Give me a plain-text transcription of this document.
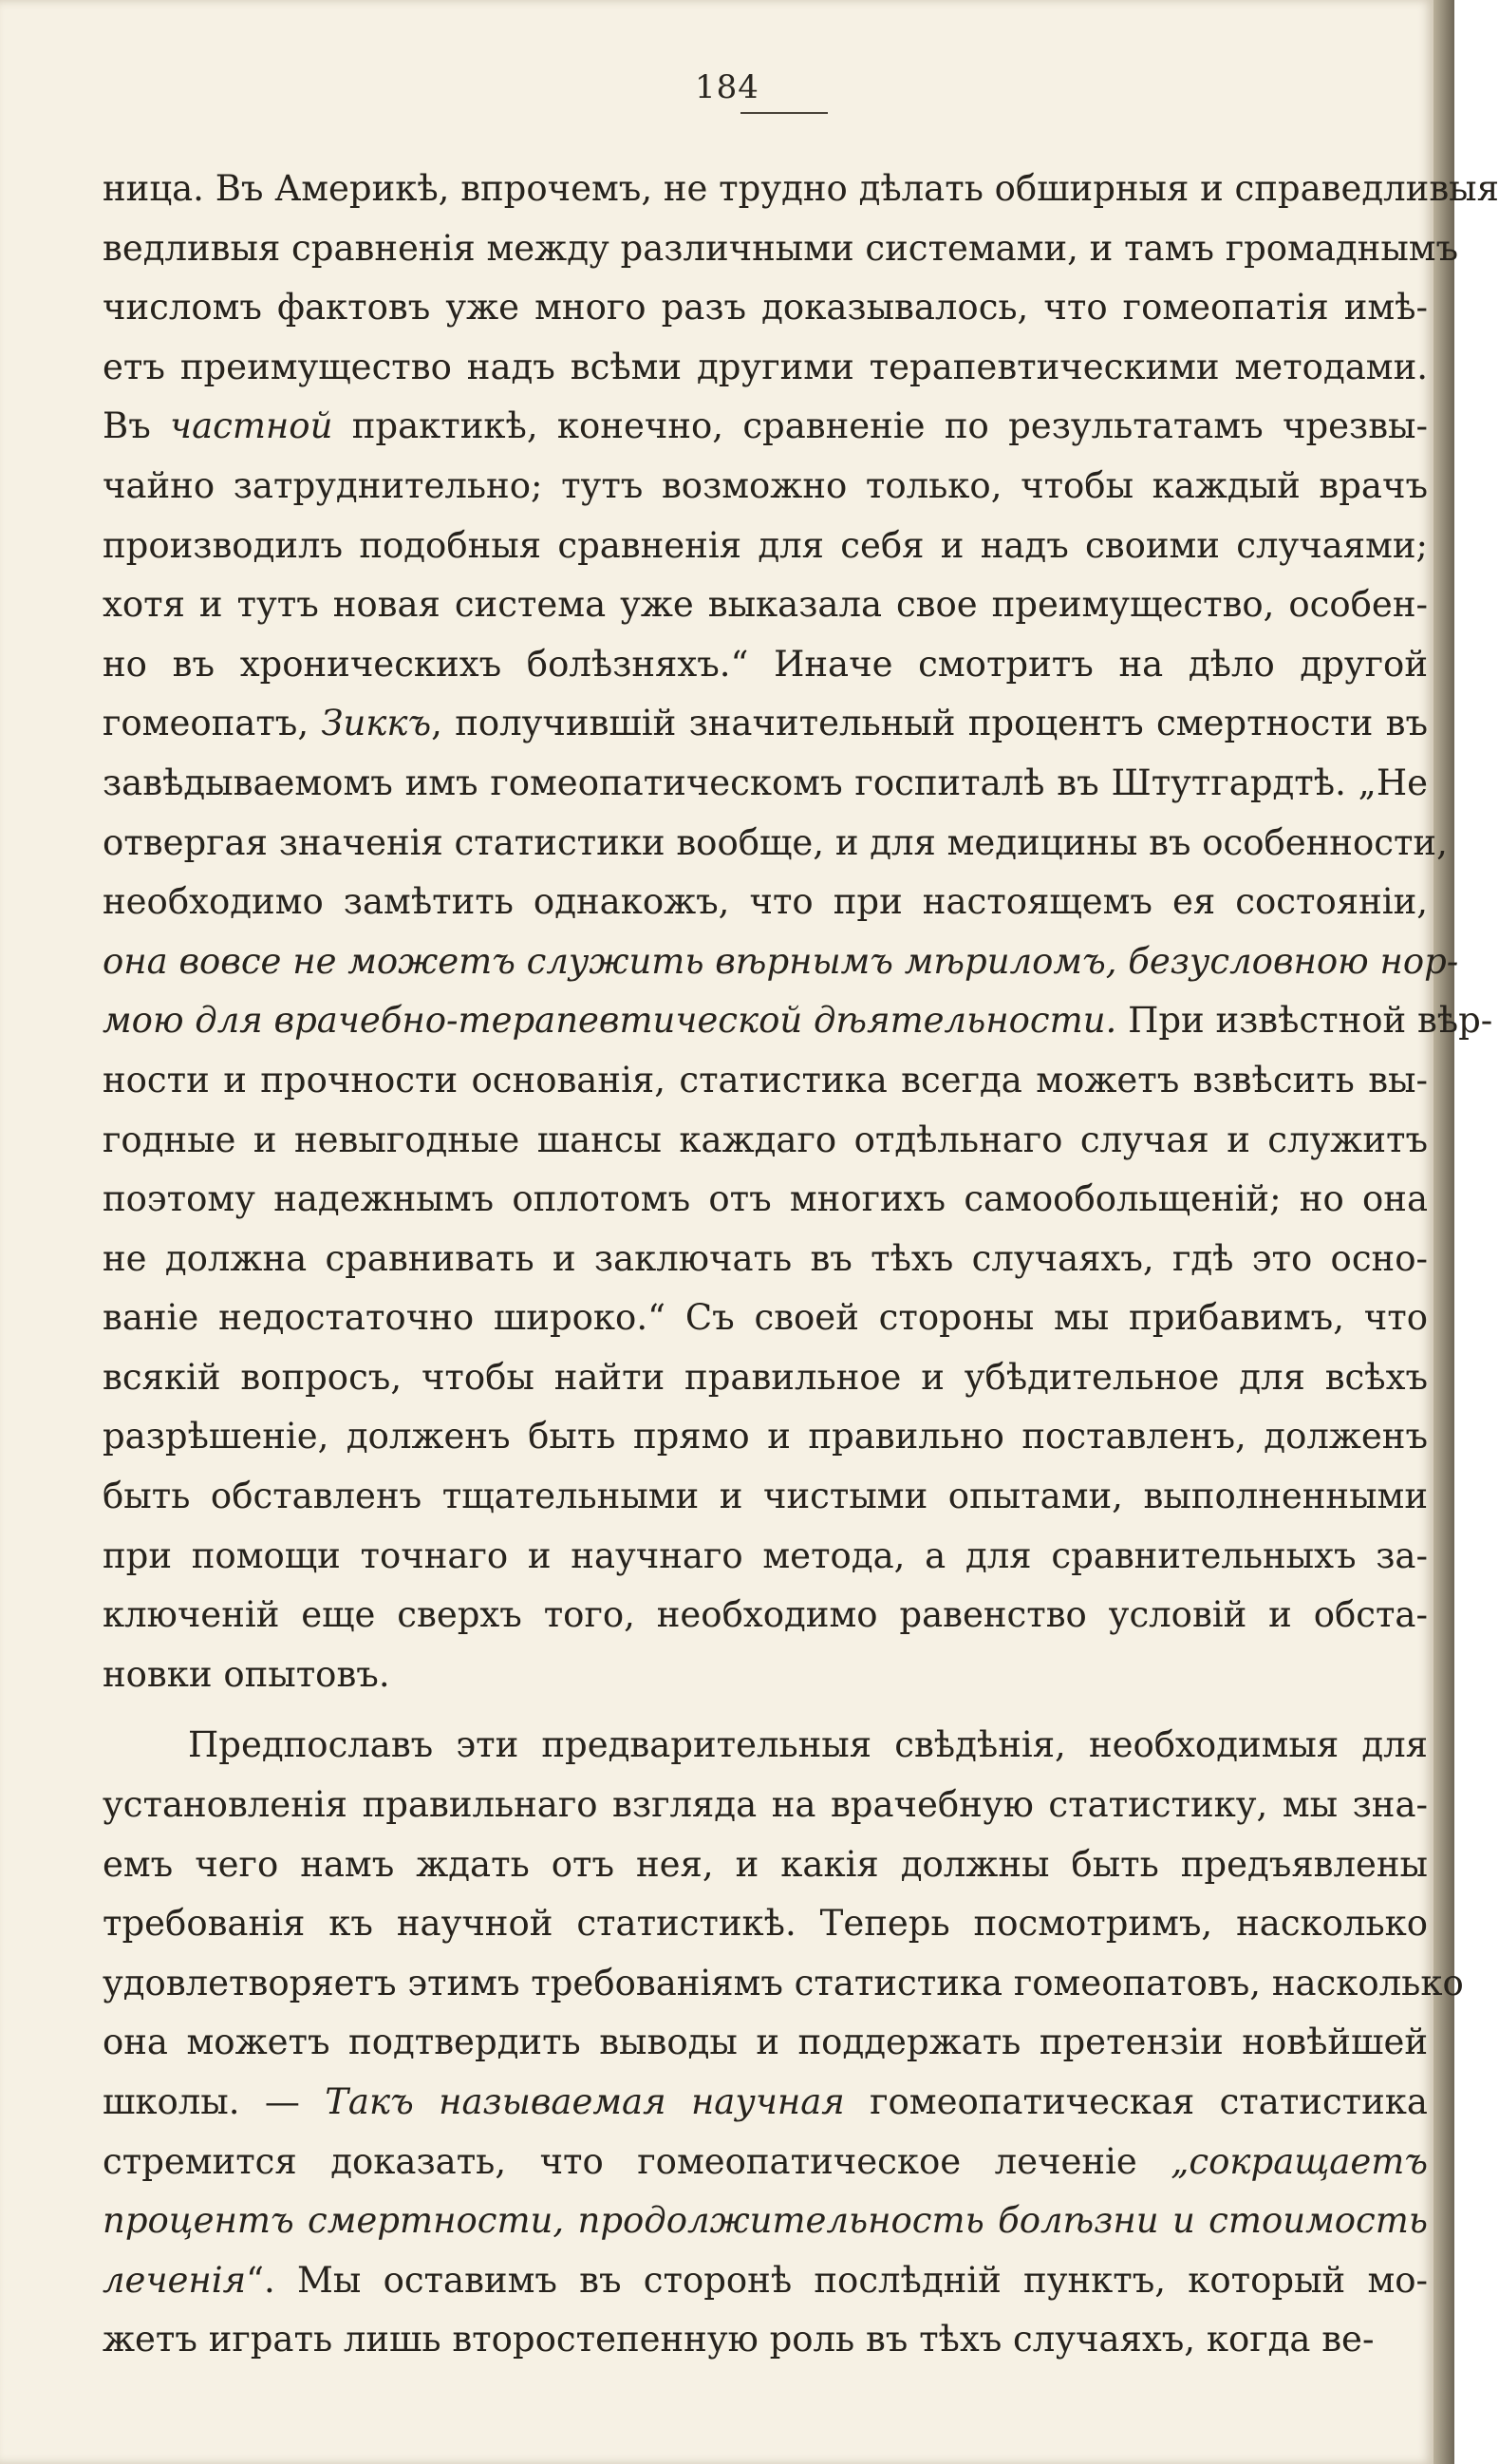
184
ница. Въ Америкѣ, впрочемъ, не трудно дѣлать обширныя и справедливыя
ведливыя сравненія между различными системами, и тамъ громаднымъ
числомъ фактовъ уже много разъ доказывалось, что гомеопатія имѣ-
етъ преимущество надъ всѣми другими терапевтическими методами.
Въ частной практикѣ, конечно, сравненіе по результатамъ чрезвы-
чайно затруднительно; тутъ возможно только, чтобы каждый врачъ
производилъ подобныя сравненія для себя и надъ своими случаями;
хотя и тутъ новая система уже выказала свое преимущество, особен-
но въ хроническихъ болѣзняхъ.“ Иначе смотритъ на дѣло другой
гомеопатъ, Зиккъ, получившій значительный процентъ смертности въ
завѣдываемомъ имъ гомеопатическомъ госпиталѣ въ Штутгардтѣ. „Не
отвергая значенія статистики вообще, и для медицины въ особенности,
необходимо замѣтить однакожъ, что при настоящемъ ея состояніи,
она вовсе не можетъ служить вѣрнымъ мѣриломъ, безусловною нор-
мою для врачебно-терапевтической дѣятельности. При извѣстной вѣр-
ности и прочности основанія, статистика всегда можетъ взвѣсить вы-
годные и невыгодные шансы каждаго отдѣльнаго случая и служитъ
поэтому надежнымъ оплотомъ отъ многихъ самообольщеній; но она
не должна сравнивать и заключать въ тѣхъ случаяхъ, гдѣ это осно-
ваніе недостаточно широко.“ Съ своей стороны мы прибавимъ, что
всякій вопросъ, чтобы найти правильное и убѣдительное для всѣхъ
разрѣшеніе, долженъ быть прямо и правильно поставленъ, долженъ
быть обставленъ тщательными и чистыми опытами, выполненными
при помощи точнаго и научнаго метода, а для сравнительныхъ за-
ключеній еще сверхъ того, необходимо равенство условій и обста-
новки опытовъ.
Предпославъ эти предварительныя свѣдѣнія, необходимыя для
установленія правильнаго взгляда на врачебную статистику, мы зна-
емъ чего намъ ждать отъ нея, и какія должны быть предъявлены
требованія къ научной статистикѣ. Теперь посмотримъ, насколько
удовлетворяетъ этимъ требованіямъ статистика гомеопатовъ, насколько
она можетъ подтвердить выводы и поддержать претензіи новѣйшей
школы. — Такъ называемая научная гомеопатическая статистика
стремится доказать, что гомеопатическое леченіе „сокращаетъ
процентъ смертности, продолжительность болѣзни и стоимость
леченія“. Мы оставимъ въ сторонѣ послѣдній пунктъ, который мо-
жетъ играть лишь второстепенную роль въ тѣхъ случаяхъ, когда ве-
